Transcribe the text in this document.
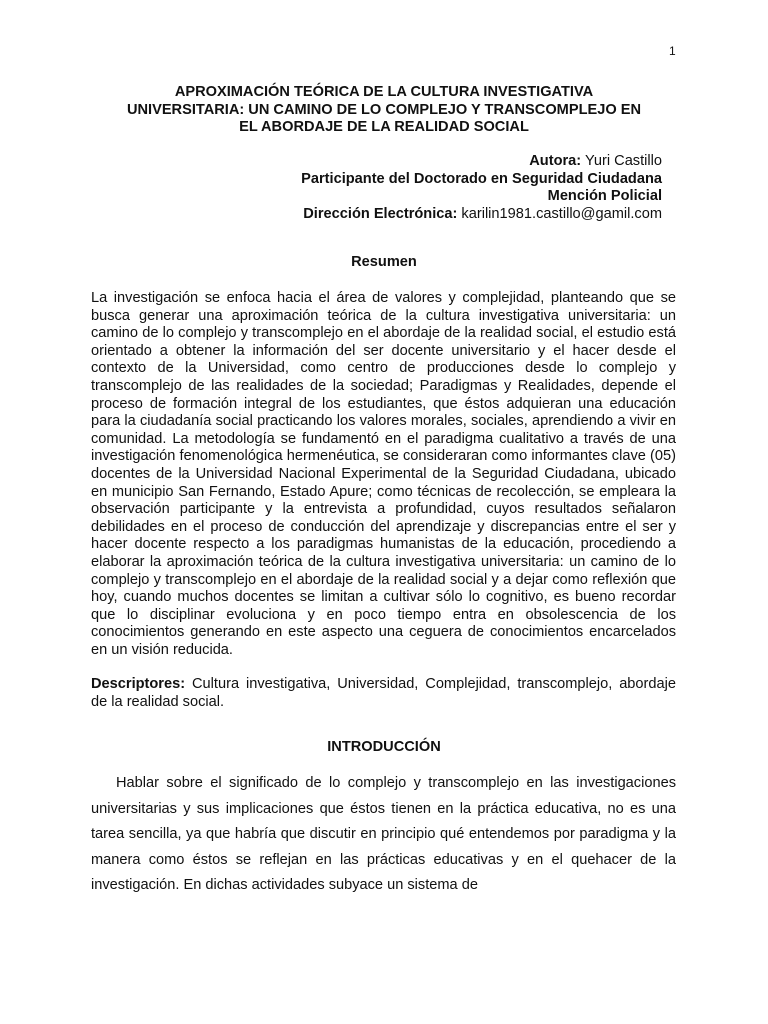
1
APROXIMACIÓN TEÓRICA DE LA CULTURA INVESTIGATIVA
UNIVERSITARIA: UN CAMINO DE LO COMPLEJO Y TRANSCOMPLEJO EN
EL ABORDAJE DE LA REALIDAD SOCIAL
Autora: Yuri Castillo
Participante del Doctorado en Seguridad Ciudadana
Mención Policial
Dirección Electrónica: karilin1981.castillo@gamil.com
Resumen

La investigación se enfoca hacia el área de valores y complejidad, planteando que se busca generar una aproximación teórica de la cultura investigativa universitaria: un camino de lo complejo y transcomplejo en el abordaje de la realidad social, el estudio está orientado a obtener la información del ser docente universitario y el hacer desde el contexto de la Universidad, como centro de producciones desde lo complejo y transcomplejo de las realidades de la sociedad; Paradigmas y Realidades, depende el proceso de formación integral de los estudiantes, que éstos adquieran una educación para la ciudadanía social practicando los valores morales, sociales, aprendiendo a vivir en comunidad. La metodología se fundamentó en el paradigma cualitativo a través de una investigación fenomenológica hermenéutica, se consideraran como informantes clave (05) docentes de la Universidad Nacional Experimental de la Seguridad Ciudadana, ubicado en municipio San Fernando, Estado Apure; como técnicas de recolección, se empleara la observación participante y la entrevista a profundidad, cuyos resultados señalaron debilidades en el proceso de conducción del aprendizaje y discrepancias entre el ser y hacer docente respecto a los paradigmas humanistas de la educación, procediendo a elaborar la aproximación teórica de la cultura investigativa universitaria: un camino de lo complejo y transcomplejo en el abordaje de la realidad social y a dejar como reflexión que hoy, cuando muchos docentes se limitan a cultivar sólo lo cognitivo, es bueno recordar que lo disciplinar evoluciona y en poco tiempo entra en obsolescencia de los conocimientos generando en este aspecto una ceguera de conocimientos encarcelados en un visión reducida.

Descriptores: Cultura investigativa, Universidad, Complejidad, transcomplejo, abordaje de la realidad social.

INTRODUCCIÓN

Hablar sobre el significado de lo complejo y transcomplejo en las investigaciones universitarias y sus implicaciones que éstos tienen en la práctica educativa, no es una tarea sencilla, ya que habría que discutir en principio qué entendemos por paradigma y la manera como éstos se reflejan en las prácticas educativas y en el quehacer de la investigación. En dichas actividades subyace un sistema de
